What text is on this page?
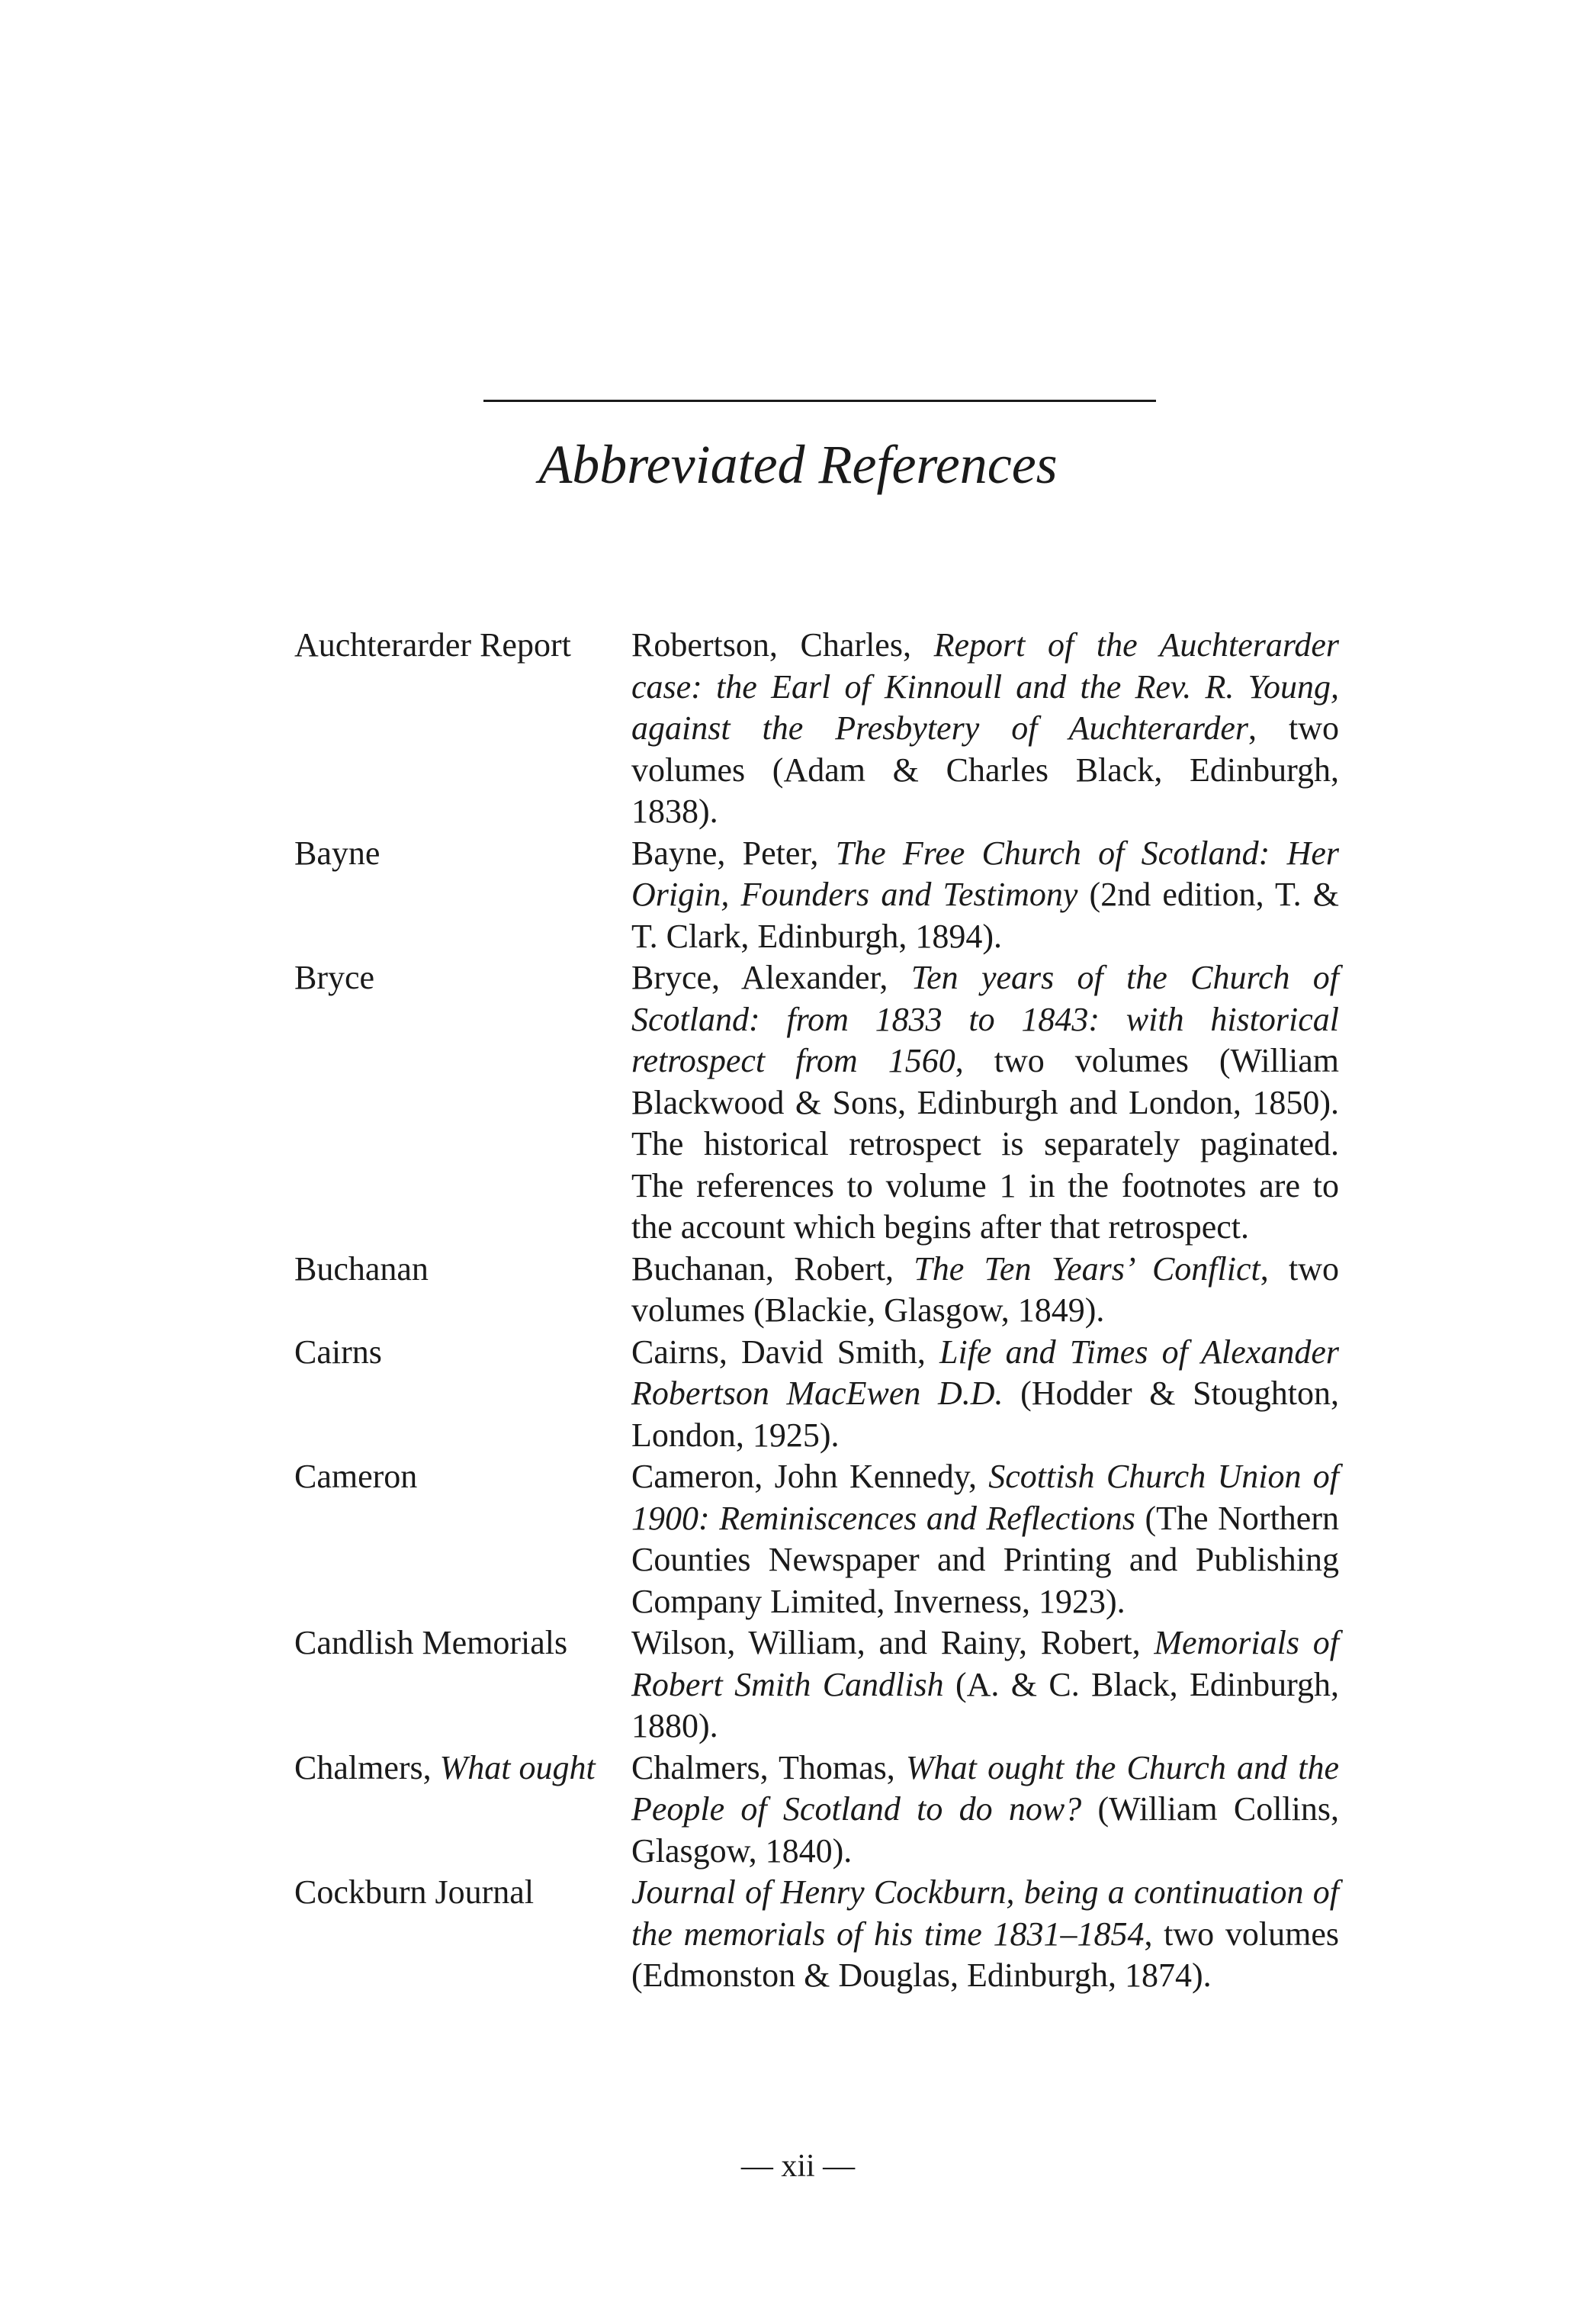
Abbreviated References
Auchterarder Report	Robertson, Charles, Report of the Auchterarder case: the Earl of Kinnoull and the Rev. R. Young, against the Presbytery of Auchterarder, two volumes (Adam & Charles Black, Edinburgh, 1838).
Bayne	Bayne, Peter, The Free Church of Scotland: Her Origin, Founders and Testimony (2nd edition, T. & T. Clark, Edinburgh, 1894).
Bryce	Bryce, Alexander, Ten years of the Church of Scotland: from 1833 to 1843: with historical retrospect from 1560, two volumes (William Blackwood & Sons, Edinburgh and London, 1850). The historical retrospect is separately paginated. The references to volume 1 in the footnotes are to the account which begins after that retrospect.
Buchanan	Buchanan, Robert, The Ten Years’ Conflict, two volumes (Blackie, Glasgow, 1849).
Cairns	Cairns, David Smith, Life and Times of Alexander Robertson MacEwen D.D. (Hodder & Stoughton, London, 1925).
Cameron	Cameron, John Kennedy, Scottish Church Union of 1900: Reminiscences and Reflections (The Northern Counties Newspaper and Printing and Publishing Company Limited, Inverness, 1923).
Candlish Memorials	Wilson, William, and Rainy, Robert, Memorials of Robert Smith Candlish (A. & C. Black, Edinburgh, 1880).
Chalmers, What ought	Chalmers, Thomas, What ought the Church and the People of Scotland to do now? (William Collins, Glasgow, 1840).
Cockburn Journal	Journal of Henry Cockburn, being a continuation of the memorials of his time 1831–1854, two volumes (Edmonston & Douglas, Edinburgh, 1874).
— xii —
